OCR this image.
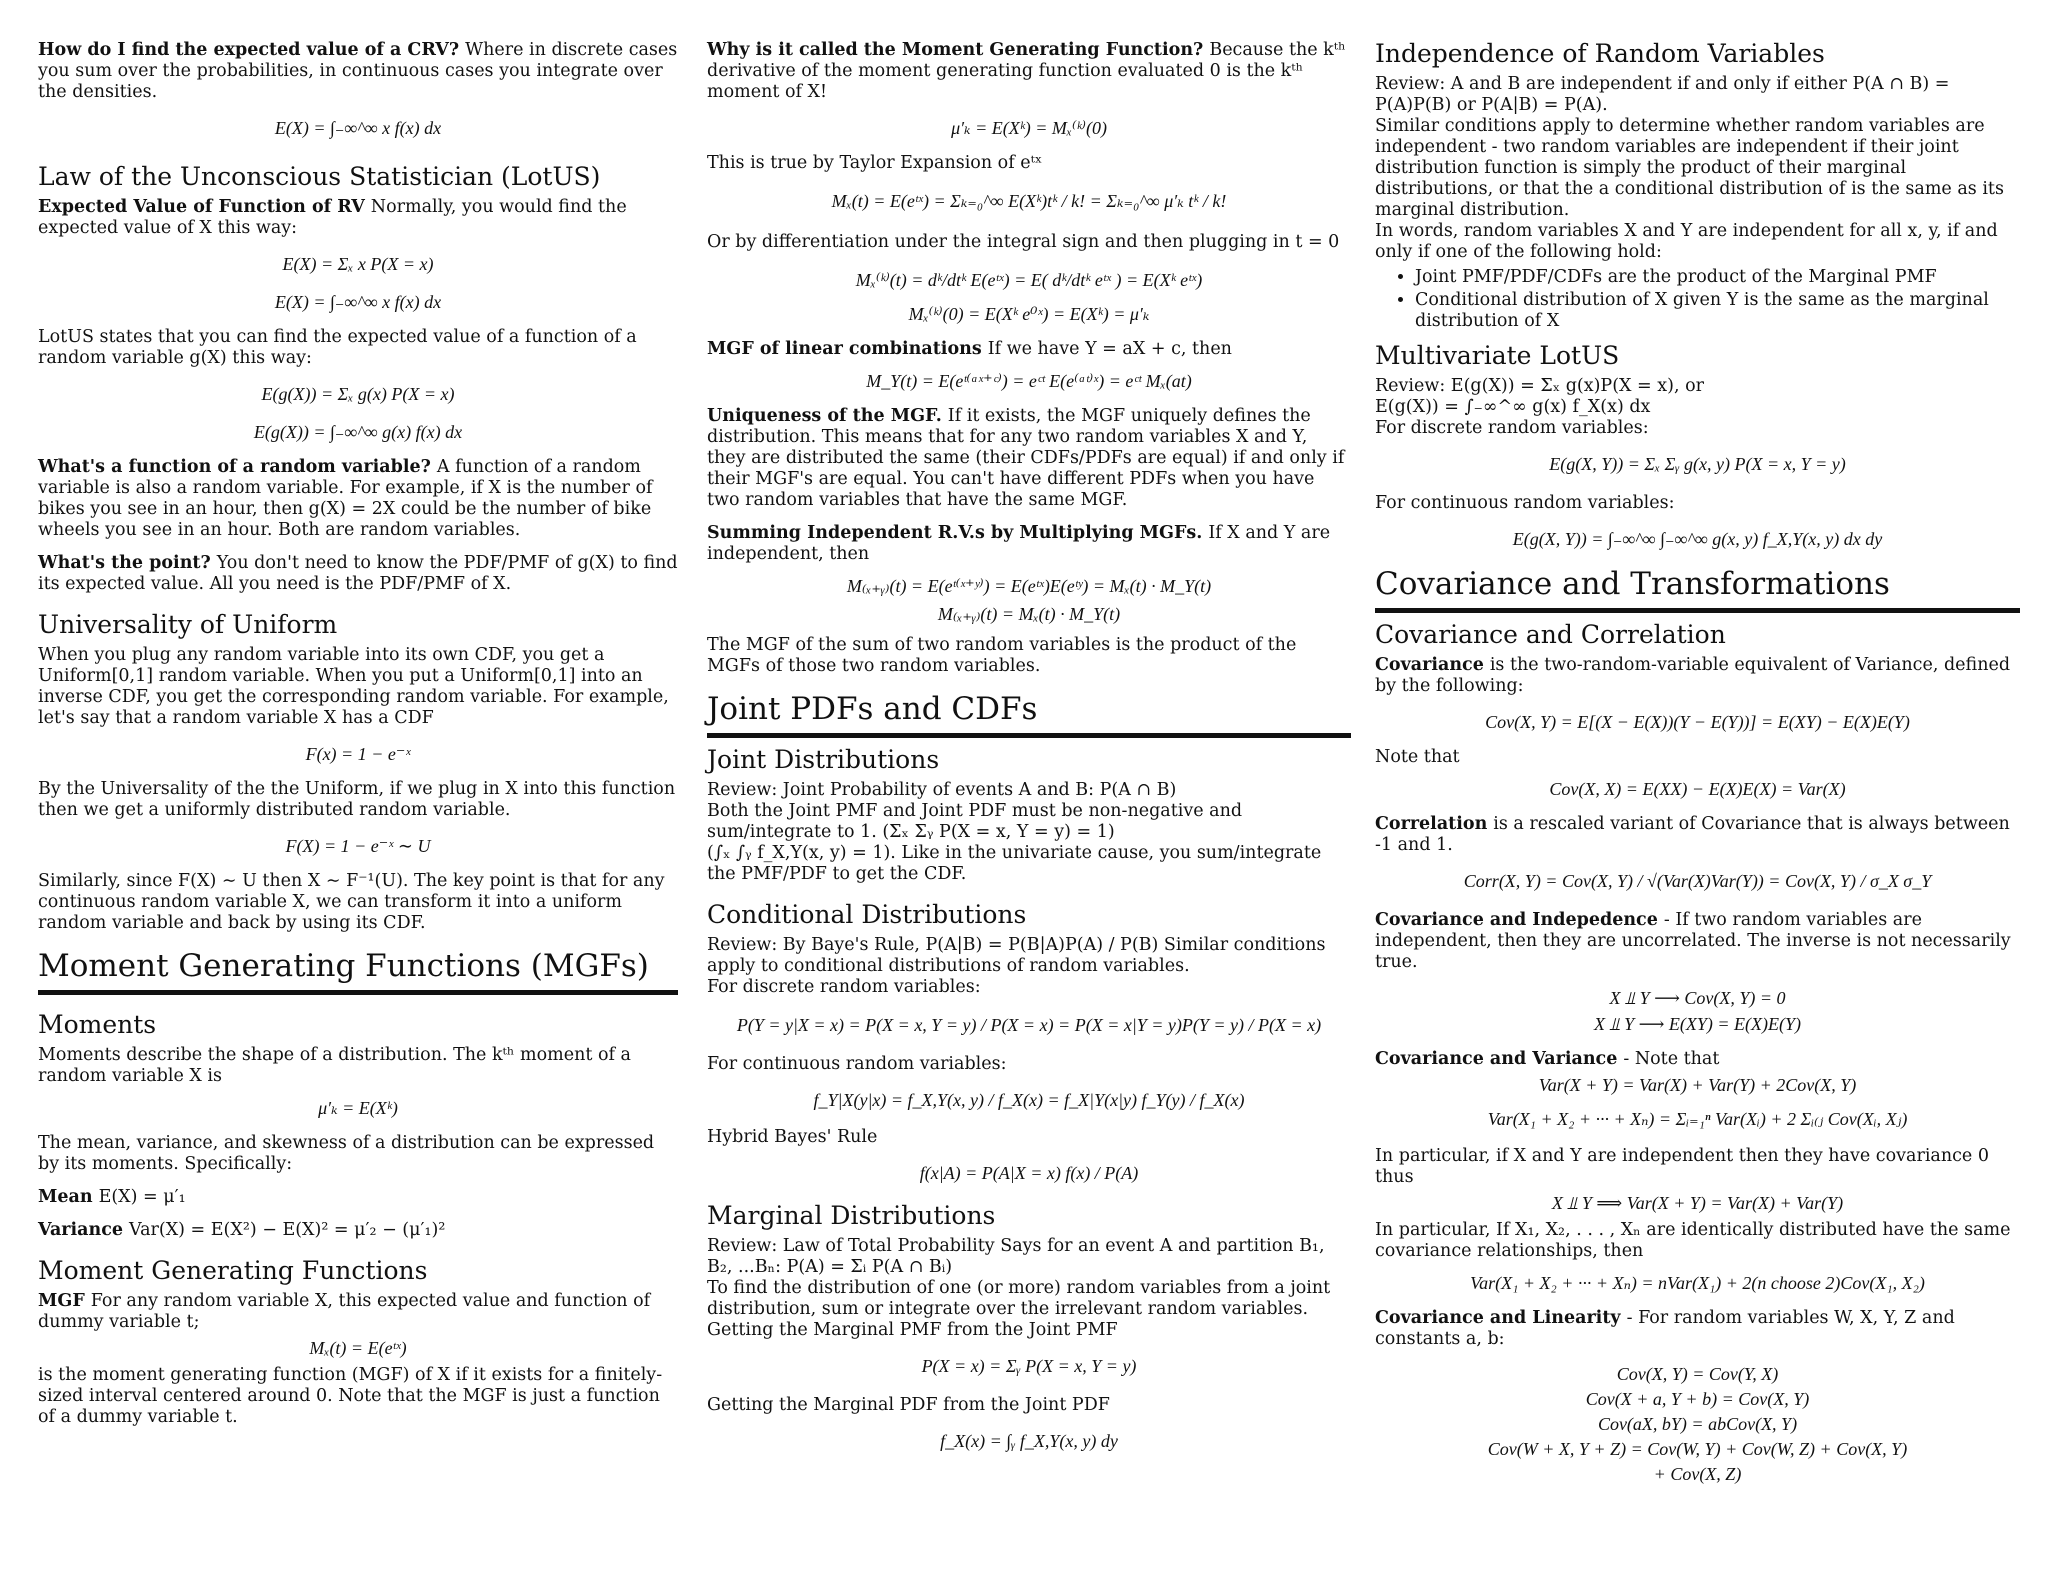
How do I find the expected value of a CRV? Where in discrete cases you sum over the probabilities, in continuous cases you integrate over the densities.

E(X) = ∫₋∞^∞ x f(x) dx
Law of the Unconscious Statistician (LotUS)

Expected Value of Function of RV Normally, you would find the expected value of X this way:

E(X) = Σₓ x P(X = x)
E(X) = ∫₋∞^∞ x f(x) dx

LotUS states that you can find the expected value of a function of a random variable g(X) this way:

E(g(X)) = Σₓ g(x) P(X = x)
E(g(X)) = ∫₋∞^∞ g(x) f(x) dx

What's a function of a random variable? A function of a random variable is also a random variable. For example, if X is the number of bikes you see in an hour, then g(X) = 2X could be the number of bike wheels you see in an hour. Both are random variables.

What's the point? You don't need to know the PDF/PMF of g(X) to find its expected value. All you need is the PDF/PMF of X.

Universality of Uniform

When you plug any random variable into its own CDF, you get a Uniform[0,1] random variable. When you put a Uniform[0,1] into an inverse CDF, you get the corresponding random variable. For example, let's say that a random variable X has a CDF

F(x) = 1 − e⁻ˣ

By the Universality of the the Uniform, if we plug in X into this function then we get a uniformly distributed random variable.

F(X) = 1 − e⁻ˣ ∼ U

Similarly, since F(X) ∼ U then X ∼ F⁻¹(U). The key point is that for any continuous random variable X, we can transform it into a uniform random variable and back by using its CDF.

Moment Generating Functions (MGFs)
Moments

Moments describe the shape of a distribution. The kᵗʰ moment of a random variable X is

μ′ₖ = E(Xᵏ)

The mean, variance, and skewness of a distribution can be expressed by its moments. Specifically:

Mean E(X) = μ′₁

Variance Var(X) = E(X²) − E(X)² = μ′₂ − (μ′₁)²

Moment Generating Functions

MGF For any random variable X, this expected value and function of dummy variable t;

Mₓ(t) = E(eᵗˣ)

is the moment generating function (MGF) of X if it exists for a finitely-sized interval centered around 0. Note that the MGF is just a function of a dummy variable t.

Why is it called the Moment Generating Function? Because the kᵗʰ derivative of the moment generating function evaluated 0 is the kᵗʰ moment of X!

μ′ₖ = E(Xᵏ) = Mₓ⁽ᵏ⁾(0)

This is true by Taylor Expansion of eᵗˣ

Mₓ(t) = E(eᵗˣ) = Σₖ₌₀^∞ E(Xᵏ)tᵏ / k! = Σₖ₌₀^∞ μ′ₖ tᵏ / k!

Or by differentiation under the integral sign and then plugging in t = 0

Mₓ⁽ᵏ⁾(t) = dᵏ/dtᵏ E(eᵗˣ) = E( dᵏ/dtᵏ eᵗˣ ) = E(Xᵏ eᵗˣ)
Mₓ⁽ᵏ⁾(0) = E(Xᵏ e⁰ˣ) = E(Xᵏ) = μ′ₖ

MGF of linear combinations If we have Y = aX + c, then

M_Y(t) = E(eᵗ⁽ᵃˣ⁺ᶜ⁾) = eᶜᵗ E(e⁽ᵃᵗ⁾ˣ) = eᶜᵗ Mₓ(at)

Uniqueness of the MGF. If it exists, the MGF uniquely defines the distribution. This means that for any two random variables X and Y, they are distributed the same (their CDFs/PDFs are equal) if and only if their MGF's are equal. You can't have different PDFs when you have two random variables that have the same MGF.

Summing Independent R.V.s by Multiplying MGFs. If X and Y are independent, then

M₍ₓ₊ᵧ₎(t) = E(eᵗ⁽ˣ⁺ʸ⁾) = E(eᵗˣ)E(eᵗʸ) = Mₓ(t) · M_Y(t)
M₍ₓ₊ᵧ₎(t) = Mₓ(t) · M_Y(t)

The MGF of the sum of two random variables is the product of the MGFs of those two random variables.

Joint PDFs and CDFs
Joint Distributions

Review: Joint Probability of events A and B: P(A ∩ B)
Both the Joint PMF and Joint PDF must be non-negative and sum/integrate to 1. (Σₓ Σᵧ P(X = x, Y = y) = 1)
(∫ₓ ∫ᵧ f_X,Y(x, y) = 1). Like in the univariate cause, you sum/integrate the PMF/PDF to get the CDF.

Conditional Distributions

Review: By Baye's Rule, P(A|B) = P(B|A)P(A) / P(B) Similar conditions apply to conditional distributions of random variables.
For discrete random variables:

P(Y = y|X = x) = P(X = x, Y = y) / P(X = x) = P(X = x|Y = y)P(Y = y) / P(X = x)

For continuous random variables:

f_Y|X(y|x) = f_X,Y(x, y) / f_X(x) = f_X|Y(x|y) f_Y(y) / f_X(x)

Hybrid Bayes' Rule

f(x|A) = P(A|X = x) f(x) / P(A)
Marginal Distributions

Review: Law of Total Probability Says for an event A and partition B₁, B₂, ...Bₙ: P(A) = Σᵢ P(A ∩ Bᵢ)
To find the distribution of one (or more) random variables from a joint distribution, sum or integrate over the irrelevant random variables.
Getting the Marginal PMF from the Joint PMF

P(X = x) = Σᵧ P(X = x, Y = y)

Getting the Marginal PDF from the Joint PDF

f_X(x) = ∫ᵧ f_X,Y(x, y) dy
Independence of Random Variables

Review: A and B are independent if and only if either P(A ∩ B) = P(A)P(B) or P(A|B) = P(A).
Similar conditions apply to determine whether random variables are independent - two random variables are independent if their joint distribution function is simply the product of their marginal distributions, or that the a conditional distribution of is the same as its marginal distribution.
In words, random variables X and Y are independent for all x, y, if and only if one of the following hold:

• Joint PMF/PDF/CDFs are the product of the Marginal PMF
• Conditional distribution of X given Y is the same as the marginal distribution of X
Multivariate LotUS

Review: E(g(X)) = Σₓ g(x)P(X = x), or
E(g(X)) = ∫₋∞^∞ g(x) f_X(x) dx
For discrete random variables:

E(g(X, Y)) = Σₓ Σᵧ g(x, y) P(X = x, Y = y)

For continuous random variables:

E(g(X, Y)) = ∫₋∞^∞ ∫₋∞^∞ g(x, y) f_X,Y(x, y) dx dy
Covariance and Transformations
Covariance and Correlation

Covariance is the two-random-variable equivalent of Variance, defined by the following:

Cov(X, Y) = E[(X − E(X))(Y − E(Y))] = E(XY) − E(X)E(Y)

Note that

Cov(X, X) = E(XX) − E(X)E(X) = Var(X)

Correlation is a rescaled variant of Covariance that is always between -1 and 1.

Corr(X, Y) = Cov(X, Y) / √(Var(X)Var(Y)) = Cov(X, Y) / σ_X σ_Y

Covariance and Indepedence - If two random variables are independent, then they are uncorrelated. The inverse is not necessarily true.

X ⫫ Y ⟶ Cov(X, Y) = 0
X ⫫ Y ⟶ E(XY) = E(X)E(Y)

Covariance and Variance - Note that

Var(X + Y) = Var(X) + Var(Y) + 2Cov(X, Y)
Var(X₁ + X₂ + ··· + Xₙ) = Σᵢ₌₁ⁿ Var(Xᵢ) + 2 Σᵢ₍ⱼ Cov(Xᵢ, Xⱼ)

In particular, if X and Y are independent then they have covariance 0 thus

X ⫫ Y ⟹ Var(X + Y) = Var(X) + Var(Y)

In particular, If X₁, X₂, . . . , Xₙ are identically distributed have the same covariance relationships, then

Var(X₁ + X₂ + ··· + Xₙ) = nVar(X₁) + 2(n choose 2)Cov(X₁, X₂)

Covariance and Linearity - For random variables W, X, Y, Z and constants a, b:

Cov(X, Y) = Cov(Y, X)
Cov(X + a, Y + b) = Cov(X, Y)
Cov(aX, bY) = abCov(X, Y)
Cov(W + X, Y + Z) = Cov(W, Y) + Cov(W, Z) + Cov(X, Y)
+ Cov(X, Z)
